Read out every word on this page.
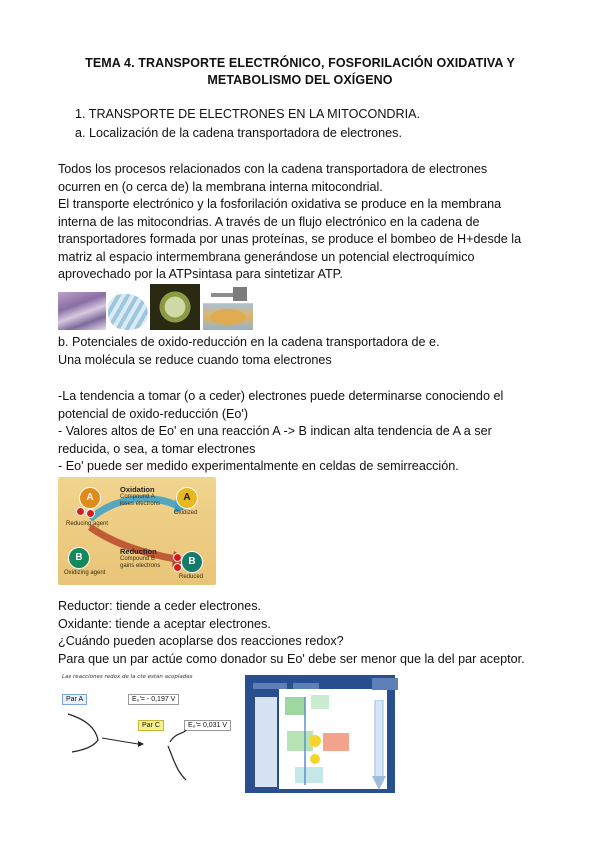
TEMA 4. TRANSPORTE ELECTRÓNICO, FOSFORILACIÓN OXIDATIVA Y
METABOLISMO DEL OXÍGENO
1. TRANSPORTE DE ELECTRONES EN LA MITOCONDRIA.
a. Localización de la cadena transportadora de electrones.
Todos los procesos relacionados con la cadena transportadora de electrones
ocurren en (o cerca de) la membrana interna mitocondrial.
El transporte electrónico y la fosforilación oxidativa se produce en la membrana
interna de las mitocondrias. A través de un flujo electrónico en la cadena de
transportadores formada por unas proteínas, se produce el bombeo de H+desde la
matriz al espacio intermembrana generándose un potencial electroquímico
aprovechado por la ATPsintasa para sintetizar ATP.
b. Potenciales de oxido-reducción en la cadena transportadora de e.
Una molécula se reduce cuando toma electrones
-La tendencia a tomar (o a ceder) electrones puede determinarse conociendo el
potencial de oxido-reducción (Eo')
- Valores altos de Eo' en una reacción A -> B indican alta tendencia de A a ser
reducida, o sea, a tomar electrones
- Eo' puede ser medido experimentalmente en celdas de semirreacción.
A
Reducing agent
A
Oxidized
Oxidation
Compound A
loses electrons
Reduction
Compound B
gains electrons
B
Oxidizing agent
B
Reduced
Reductor: tiende a ceder electrones.
Oxidante: tiende a aceptar electrones.
¿Cuándo pueden acoplarse dos reacciones redox?
Para que un par actúe como donador su Eo' debe ser menor que la del par aceptor.
Las reacciones redox de la cte están acopladas
Par A	E₀'= - 0,197 V
Par C	E₀'= 0,031 V
